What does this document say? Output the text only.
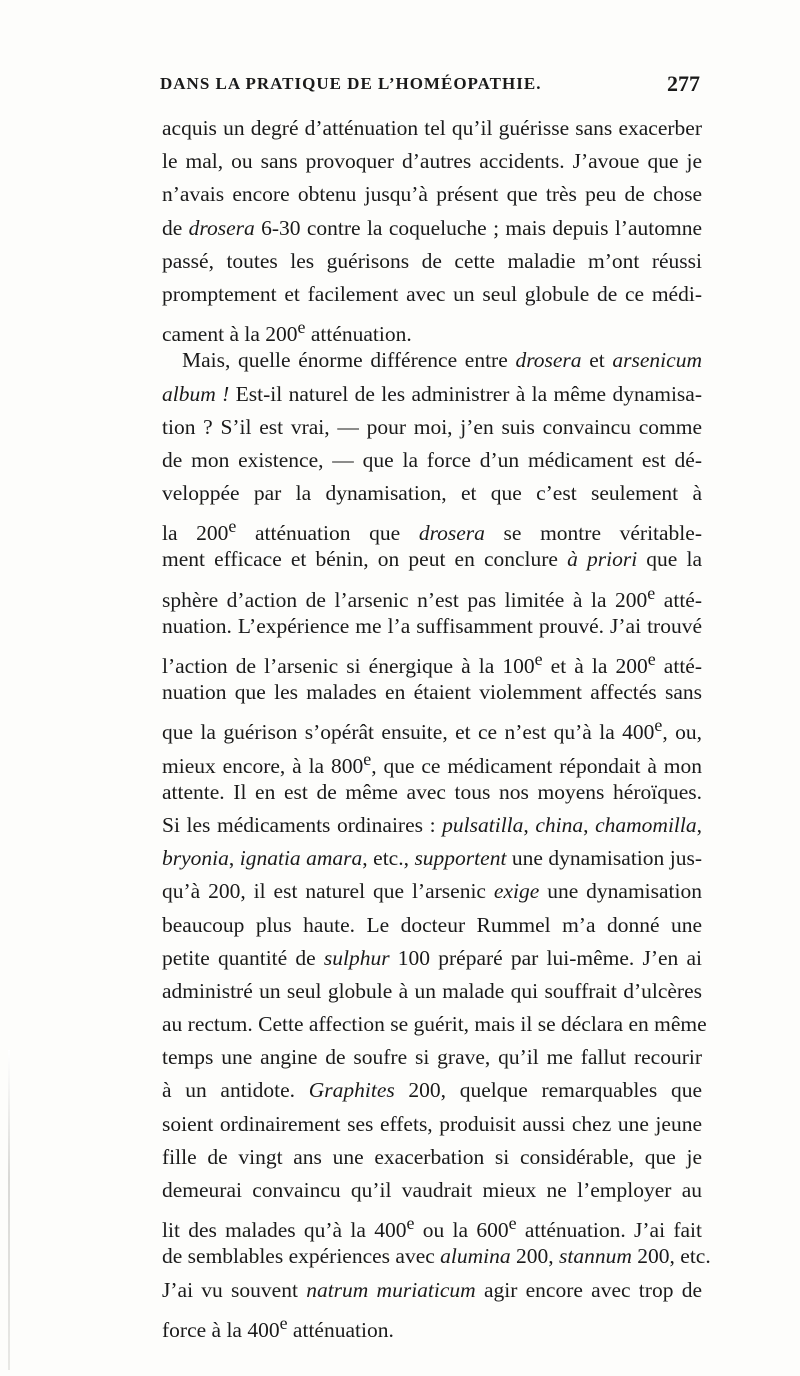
DANS LA PRATIQUE DE L’HOMÉOPATHIE.	277
acquis un degré d’atténuation tel qu’il guérisse sans exacerber
le mal, ou sans provoquer d’autres accidents. J’avoue que je
n’avais encore obtenu jusqu’à présent que très peu de chose
de drosera 6-30 contre la coqueluche ; mais depuis l’automne
passé, toutes les guérisons de cette maladie m’ont réussi
promptement et facilement avec un seul globule de ce médi-
cament à la 200e atténuation.
Mais, quelle énorme différence entre drosera et arsenicum
album ! Est-il naturel de les administrer à la même dynamisa-
tion ? S’il est vrai, — pour moi, j’en suis convaincu comme
de mon existence, — que la force d’un médicament est dé-
veloppée par la dynamisation, et que c’est seulement à
la 200e atténuation que drosera se montre véritable-
ment efficace et bénin, on peut en conclure à priori que la
sphère d’action de l’arsenic n’est pas limitée à la 200e atté-
nuation. L’expérience me l’a suffisamment prouvé. J’ai trouvé
l’action de l’arsenic si énergique à la 100e et à la 200e atté-
nuation que les malades en étaient violemment affectés sans
que la guérison s’opérât ensuite, et ce n’est qu’à la 400e, ou,
mieux encore, à la 800e, que ce médicament répondait à mon
attente. Il en est de même avec tous nos moyens héroïques.
Si les médicaments ordinaires : pulsatilla, china, chamomilla,
bryonia, ignatia amara, etc., supportent une dynamisation jus-
qu’à 200, il est naturel que l’arsenic exige une dynamisation
beaucoup plus haute. Le docteur Rummel m’a donné une
petite quantité de sulphur 100 préparé par lui-même. J’en ai
administré un seul globule à un malade qui souffrait d’ulcères
au rectum. Cette affection se guérit, mais il se déclara en même
temps une angine de soufre si grave, qu’il me fallut recourir
à un antidote. Graphites 200, quelque remarquables que
soient ordinairement ses effets, produisit aussi chez une jeune
fille de vingt ans une exacerbation si considérable, que je
demeurai convaincu qu’il vaudrait mieux ne l’employer au
lit des malades qu’à la 400e ou la 600e atténuation. J’ai fait
de semblables expériences avec alumina 200, stannum 200, etc.
J’ai vu souvent natrum muriaticum agir encore avec trop de
force à la 400e atténuation.
